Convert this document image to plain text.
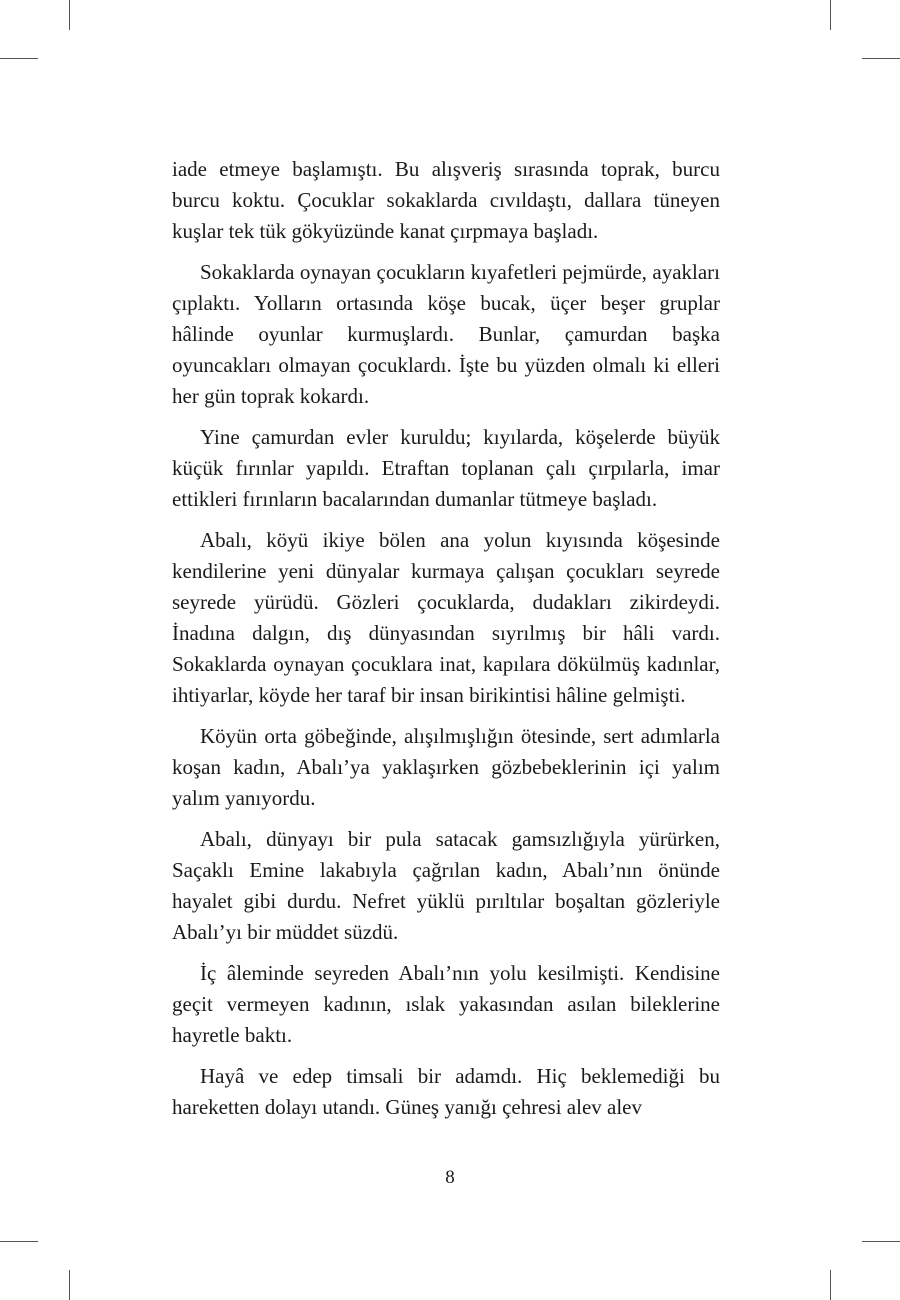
iade etmeye başlamıştı. Bu alışveriş sırasında toprak, burcu burcu koktu. Çocuklar sokaklarda cıvıldaştı, dallara tüneyen kuşlar tek tük gökyüzünde kanat çırpmaya başladı.

Sokaklarda oynayan çocukların kıyafetleri pejmürde, ayakları çıplaktı. Yolların ortasında köşe bucak, üçer beşer gruplar hâlinde oyunlar kurmuşlardı. Bunlar, çamurdan başka oyuncakları olmayan çocuklardı. İşte bu yüzden olmalı ki elleri her gün toprak kokardı.

Yine çamurdan evler kuruldu; kıyılarda, köşelerde büyük küçük fırınlar yapıldı. Etraftan toplanan çalı çırpılarla, imar ettikleri fırınların bacalarından dumanlar tütmeye başladı.

Abalı, köyü ikiye bölen ana yolun kıyısında köşesinde kendilerine yeni dünyalar kurmaya çalışan çocukları seyrede seyrede yürüdü. Gözleri çocuklarda, dudakları zikirdeydi. İnadına dalgın, dış dünyasından sıyrılmış bir hâli vardı. Sokaklarda oynayan çocuklara inat, kapılara dökülmüş kadınlar, ihtiyarlar, köyde her taraf bir insan birikintisi hâline gelmişti.

Köyün orta göbeğinde, alışılmışlığın ötesinde, sert adımlarla koşan kadın, Abalı’ya yaklaşırken gözbebeklerinin içi yalım yalım yanıyordu.

Abalı, dünyayı bir pula satacak gamsızlığıyla yürürken, Saçaklı Emine lakabıyla çağrılan kadın, Abalı’nın önünde hayalet gibi durdu. Nefret yüklü pırıltılar boşaltan gözleriyle Abalı’yı bir müddet süzdü.

İç âleminde seyreden Abalı’nın yolu kesilmişti. Kendisine geçit vermeyen kadının, ıslak yakasından asılan bileklerine hayretle baktı.

Hayâ ve edep timsali bir adamdı. Hiç beklemediği bu hareketten dolayı utandı. Güneş yanığı çehresi alev alev

8
